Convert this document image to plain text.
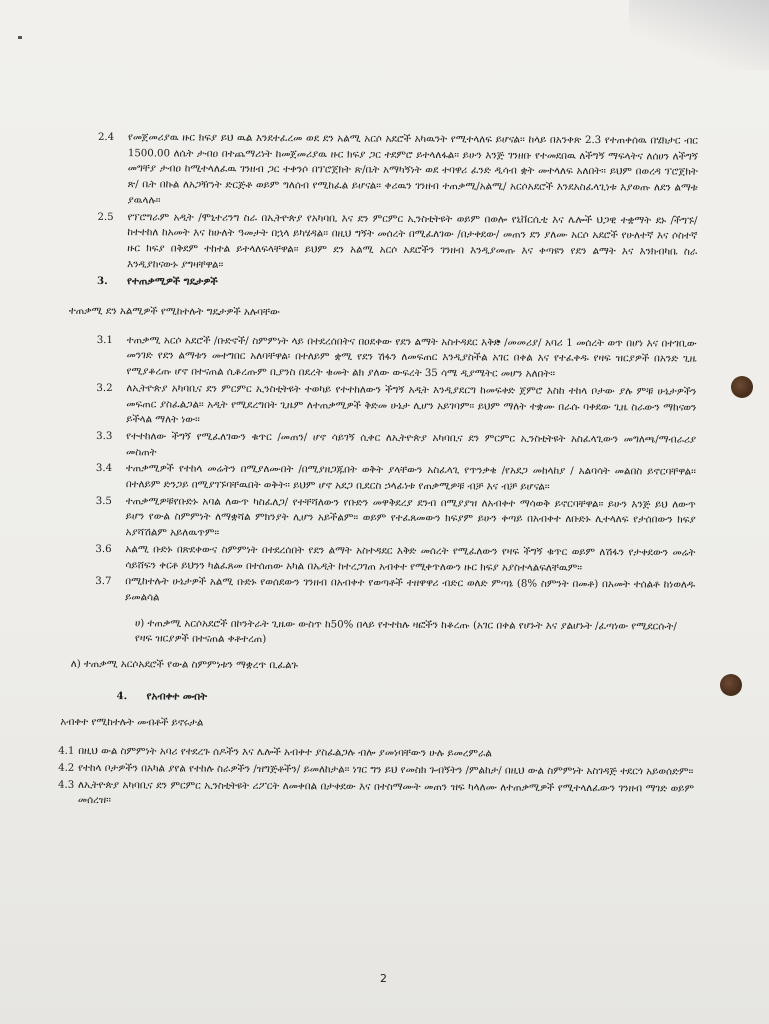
2.4	የመጀመሪያዉ ዙር ክፍያ ይህ ዉል እንደተፈረመ ወደ ደን አልሚ አርሶ አደሮች አካዉንት የሚተላለፍ ይሆናል፡፡ ከላይ በአንቀጽ 2.3 የተጠቀሰዉ በሄክታር ብር 1500.00 ለሴት ታብዐ በተጨማሪነት ከመጀመሪያዉ ዙር ክፍያ ጋር ተደምሮ ይተላለፋል፡፡ ይሁን እንጅ ገንዘቡ የተመደበዉ ለችግኝ ማፍላትና ለሰሀን ለችግኝ መግቸያ ታብዐ ከሚተላለፈዉ ገንዘብ ጋር ተቀንሶ በፕሮጀክት ጽ/ቤት አማካኝነት ወደ ተባዋሪ ፈንድ ዲሳብ ቋት መተላለፍ አለበት፡፡ ይህም በወረዳ ፕሮጀክት ጽ/ ቤት በኩል ለአጋዥነት ድርጅቶ ወይም ግለሰብ የሚከፈል ይሆናል፡፡ ቀሪዉን ገንዘብ ተጠቃሚ/አልሚ/ አርሶአደሮች እንደአስፈላጊነቱ እያወጡ ለደን ልማቱ ያዉላሉ፡፡

2.5	የፕሮግራም አዲት /ሞኒተሪንግ ስራ በኢትዮጵያ የአካባቢ እና ደን ምርምር ኢንስቲትዩት ወይም በወሎ የኒቨርሲቲ እና ሌሎች ህጋዊ ተቋማት ደኑ /ችግኙ/ ከተተከለ ከአመት እና ከሁለት ዓመታት በኋላ ይካሄዳል፡፡ በዚህ ግኝት መሰረት በሚፈለገው /በታቀደው/ መጠን ደን ያለሙ አርሶ አደሮች የሁለተኛ እና ሶስተኛ ዙር ክፍያ በቅደም ተከተል ይተላለፍላቸዋል፡፡ ይህም ደን አልሚ አርሶ አደሮችን ገንዘብ እንዲያመጡ እና ቀጣዩን የደን ልማት እና እንክብካቤ ስራ እንዲያከናውኑ ያግዛቸዋል፡፡

3. የተጠቃሚዎች ግዴታዎች

ተጠቃሚ ደን አልሚዎች የሚከተሉት ግዴታዎች አሉባቸው

3.1	ተጠቃሚ አርሶ አደሮች /ቡድኖች/ ስምምነት ላይ በተደረሰበትና በዐደቀው የደን ልማት አስተዳደር እቅድ /መመሪያ/ አባሪ 1 መሰረት ወጥ በሆነ እና በተገቢው መንገድ የደን ልማቱን መተግበር አለባቸዋል፡ በተለይም ቋሚ የደን ሽፋን ለመፍጠር እንዲያስችል አገር በቀል እና የተፈቀዱ የዛፍ ዝርያዎች በአንድ ጊዜ የሚያቆረጡ ሆኖ በተናጠል ሲቆረጡም ቢያንስ በደረት ቁመት ልክ ያለው ውፍረት 35 ሳሜ ዲያሜትር መሆን አለበት፡፡

3.2	ለኢትዮጵያ አካባቢና ደን ምርምር ኢንስቲትዩት ተወካይ የተተከለውን ችግኝ አዲት እንዲያደርግ ከመፍቀድ ጀምሮ እስከ ተከላ ቦታው ያሉ ምቹ ሁኔታዎችን መፍጠር ያስፈልጋል፡፡ አዲት የሚደረግበት ጊዜም ለተጠቃሚዎች ቅድመ ሁኔታ ሊሆን አይገባም፡፡ ይህም ማለት ተቋሙ በራሱ ባቀደው ጊዜ ስራውን ማከናወን ይችላል ማለት ነው፡፡

3.3	የተተከለው ችግኝ የሚፈለገውን ቁጥር /መጠን/ ሆኖ ሳይገኝ ሲቀር ለኢትዮጵያ አካባቢና ደን ምርምር ኢንስቲትዩት አስፈላጊውን መግለጫ/ማብራሪያ መስጠት

3.4	ተጠቃሚዎች የተከላ መሬትን በሚያለሙበት /በሚያዘጋጁበት ወቅት ያላቸውን አስፈላጊ የጥንቃቄ /የአደጋ መከላከያ / አልባሳት መልበስ ይኖርባቸዋል፡፡ በተለይም ድንጋይ በሚያገኙባቸዉበት ወቅት፡፡ ይህም ሆኖ አደጋ ቢደርስ ኃላፊነቱ የጠቃሚዎቹ ብቻ እና ብቻ ይሆናል፡፡

3.5	ተጠቃሚዎቹየቡድኑ አባል ለውጥ ካስፈለጋ/ የተቸሻለውን የቡድን መዋቅደረያ ደንብ በሚያያዝ ለአብቀተ ማሳወቅ ይኖርባቸዋል፡፡ ይሁን እንጅ ይህ ለውጥ ይሆን የውል ስምምነት ለማቋሻል ምክንያት ሊሆን አይችልም፡፡ ወይም የተፈጸመውን ክፍያም ይሁን ቀጣይ በአብቀተ ለቡድኑ ሊተላለፍ የታሰበውን ክፍያ አያሻሽልም አይለዉጥም፡፡

3.6	አልሚ ቡድኑ በጽደቀውና ስምምነት በተደረሰበት የደን ልማት አስተዳደር እቅድ መሰረት የሚፈለውን የዛፍ ችግኝ ቁጥር ወይም ለሽፋን የታቀደውን መሬት ሳይሸፍን ቀርቶ ይህንን ካልፈጸመ በተሰጠው አካል በኤዲት ከተረጋገጠ አብቀተ የሚቀጥለውን ዙር ክፍያ አያስተላልፍለቸዉም፡፡

3.7	በሚከተሉት ሁኔታዎች አልሚ ቡድኑ የወሰደውን ገንዘብ በአብቀተ የወጣቶች ተዘዋዋሪ ብድር ወለድ ምጣኔ (8% ስምንት በመቶ) በአመት ተሰልቶ ከነወለዱ ይመልሳል

ሀ) ተጠቃሚ አርሶአደሮች በኮንትራት ጊዜው ውስጥ ከ50% በላይ የተተከሉ ዛፎችን ከቆረጡ (አገር በቀል የሆኑት እና ያልሆኑት /ፈጣነው የሚደርሱት/ የዛፍ ዝርያዎች በተናጠል ቀቶተረጠ)

ለ) ተጠቃሚ አርሶአደሮች የውል ስምምነቱን ማቋረጥ ቢፈልጉ

4. የአብቀተ መብት

አብቀተ የሚከተሉት መብቶች ይኖሩታል

4.1 በዚህ ውል ስምምነት አባሪ የተደረጉ ሰዶችን እና ሌሎች አብቀተ ያስፈልጋሉ ብሎ ያመነባቸውን ሁሉ ይመረምራል

4.2 የተከላ ቦታዎችን በአካል ያየል የተከሉ ስራዎችን /ዝግጅቶችን/ ይመለከታል፡፡ ነገር ግን ይህ የመስክ ጉብኝትን /ምልከታ/ በዚህ ውል ስምምነት አስገዳጅ ተደርጎ አይወሰድም፡፡

4.3 ለኢትዮጵያ አካባቢና ደን ምርምር ኢንስቲትዩት ሪፖርት ለመቀበል በታቀደው እና በተስማሙት መጠን ዝፍ ካላለሙ ለተጠቃሚዎች የሚተላለፈውን ገንዘብ ማገድ ወይም መሰረዝ፡፡

2
